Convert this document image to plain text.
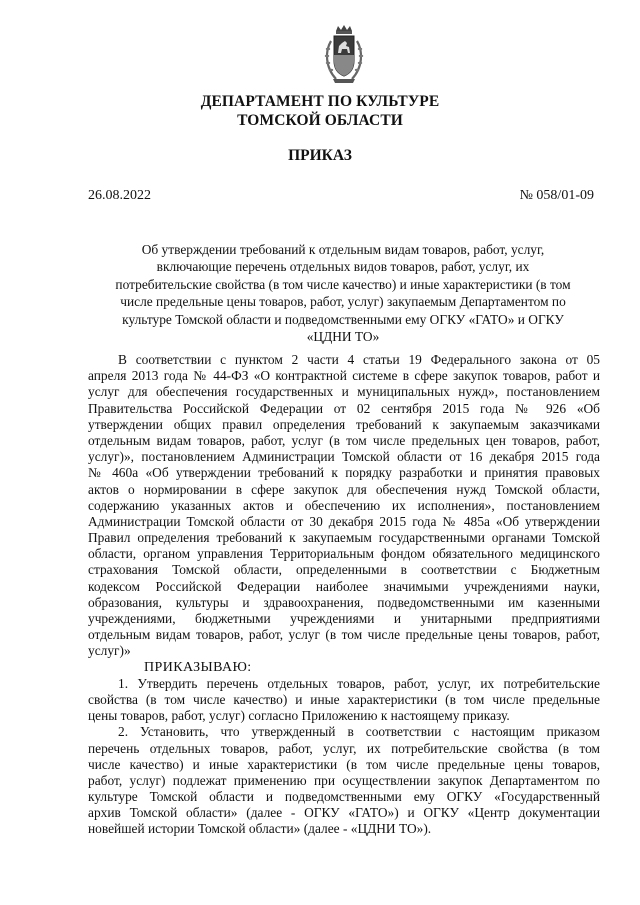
ДЕПАРТАМЕНТ ПО КУЛЬТУРЕ
ТОМСКОЙ ОБЛАСТИ
ПРИКАЗ
26.08.2022	№ 058/01-09
Об утверждении требований к отдельным видам товаров, работ, услуг,
включающие перечень отдельных видов товаров, работ, услуг, их
потребительские свойства (в том числе качество) и иные характеристики (в том
числе предельные цены товаров, работ, услуг) закупаемым Департаментом по
культуре Томской области и подведомственными ему ОГКУ «ГАТО» и ОГКУ
«ЦДНИ ТО»
В соответствии с пунктом 2 части 4 статьи 19 Федерального закона от 05
апреля 2013 года № 44-ФЗ «О контрактной системе в сфере закупок товаров, работ и
услуг для обеспечения государственных и муниципальных нужд», постановлением
Правительства Российской Федерации от 02 сентября 2015 года № 926 «Об
утверждении общих правил определения требований к закупаемым заказчиками
отдельным видам товаров, работ, услуг (в том числе предельных цен товаров, работ,
услуг)», постановлением Администрации Томской области от 16 декабря 2015 года
№ 460а «Об утверждении требований к порядку разработки и принятия правовых
актов о нормировании в сфере закупок для обеспечения нужд Томской области,
содержанию указанных актов и обеспечению их исполнения», постановлением
Администрации Томской области от 30 декабря 2015 года № 485а «Об утверждении
Правил определения требований к закупаемым государственными органами Томской
области, органом управления Территориальным фондом обязательного медицинского
страхования Томской области, определенными в соответствии с Бюджетным
кодексом Российской Федерации наиболее значимыми учреждениями науки,
образования, культуры и здравоохранения, подведомственными им казенными
учреждениями, бюджетными учреждениями и унитарными предприятиями
отдельным видам товаров, работ, услуг (в том числе предельные цены товаров, работ,
услуг)»
ПРИКАЗЫВАЮ:
1. Утвердить перечень отдельных товаров, работ, услуг, их потребительские
свойства (в том числе качество) и иные характеристики (в том числе предельные
цены товаров, работ, услуг) согласно Приложению к настоящему приказу.
2. Установить, что утвержденный в соответствии с настоящим приказом
перечень отдельных товаров, работ, услуг, их потребительские свойства (в том
числе качество) и иные характеристики (в том числе предельные цены товаров,
работ, услуг) подлежат применению при осуществлении закупок Департаментом по
культуре Томской области и подведомственными ему ОГКУ «Государственный
архив Томской области» (далее - ОГКУ «ГАТО») и ОГКУ «Центр документации
новейшей истории Томской области» (далее - «ЦДНИ ТО»).
